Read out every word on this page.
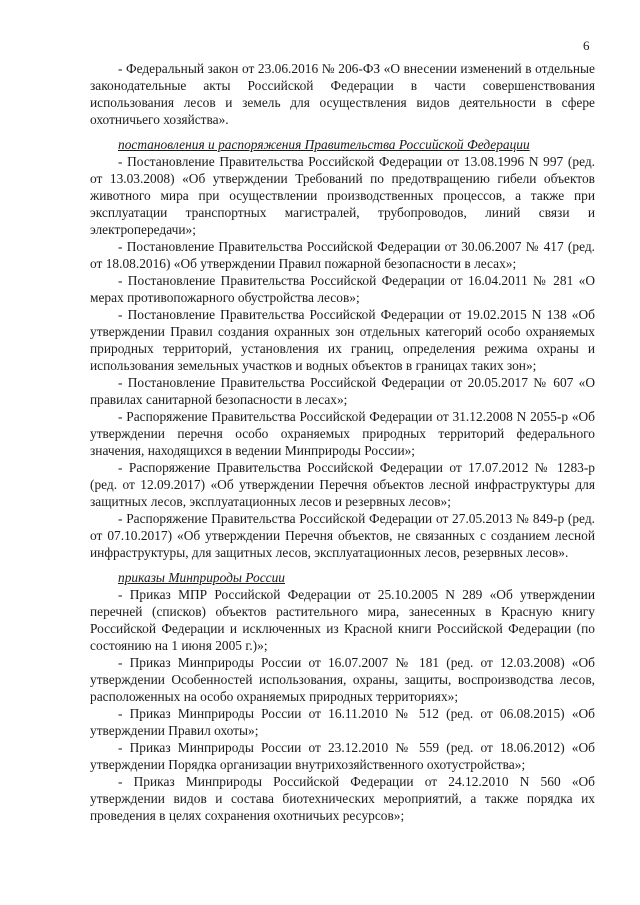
6

- Федеральный закон от 23.06.2016 № 206-ФЗ «О внесении изменений в отдельные законодательные акты Российской Федерации в части совершенствования использования лесов и земель для осуществления видов деятельности в сфере охотничьего хозяйства».

постановления и распоряжения Правительства Российской Федерации

- Постановление Правительства Российской Федерации от 13.08.1996 N 997 (ред. от 13.03.2008) «Об утверждении Требований по предотвращению гибели объектов животного мира при осуществлении производственных процессов, а также при эксплуатации транспортных магистралей, трубопроводов, линий связи и электропередачи»;

- Постановление Правительства Российской Федерации от 30.06.2007 № 417 (ред. от 18.08.2016) «Об утверждении Правил пожарной безопасности в лесах»;

- Постановление Правительства Российской Федерации от 16.04.2011 № 281 «О мерах противопожарного обустройства лесов»;

- Постановление Правительства Российской Федерации от 19.02.2015 N 138 «Об утверждении Правил создания охранных зон отдельных категорий особо охраняемых природных территорий, установления их границ, определения режима охраны и использования земельных участков и водных объектов в границах таких зон»;

- Постановление Правительства Российской Федерации от 20.05.2017 № 607 «О правилах санитарной безопасности в лесах»;

- Распоряжение Правительства Российской Федерации от 31.12.2008 N 2055-р «Об утверждении перечня особо охраняемых природных территорий федерального значения, находящихся в ведении Минприроды России»;

- Распоряжение Правительства Российской Федерации от 17.07.2012 № 1283-р (ред. от 12.09.2017) «Об утверждении Перечня объектов лесной инфраструктуры для защитных лесов, эксплуатационных лесов и резервных лесов»;

- Распоряжение Правительства Российской Федерации от 27.05.2013 № 849-р (ред. от 07.10.2017) «Об утверждении Перечня объектов, не связанных с созданием лесной инфраструктуры, для защитных лесов, эксплуатационных лесов, резервных лесов».

приказы Минприроды России

- Приказ МПР Российской Федерации от 25.10.2005 N 289 «Об утверждении перечней (списков) объектов растительного мира, занесенных в Красную книгу Российской Федерации и исключенных из Красной книги Российской Федерации (по состоянию на 1 июня 2005 г.)»;

- Приказ Минприроды России от 16.07.2007 № 181 (ред. от 12.03.2008) «Об утверждении Особенностей использования, охраны, защиты, воспроизводства лесов, расположенных на особо охраняемых природных территориях»;

- Приказ Минприроды России от 16.11.2010 № 512 (ред. от 06.08.2015) «Об утверждении Правил охоты»;

- Приказ Минприроды России от 23.12.2010 № 559 (ред. от 18.06.2012) «Об утверждении Порядка организации внутрихозяйственного охотустройства»;

- Приказ Минприроды Российской Федерации от 24.12.2010 N 560 «Об утверждении видов и состава биотехнических мероприятий, а также порядка их проведения в целях сохранения охотничьих ресурсов»;
